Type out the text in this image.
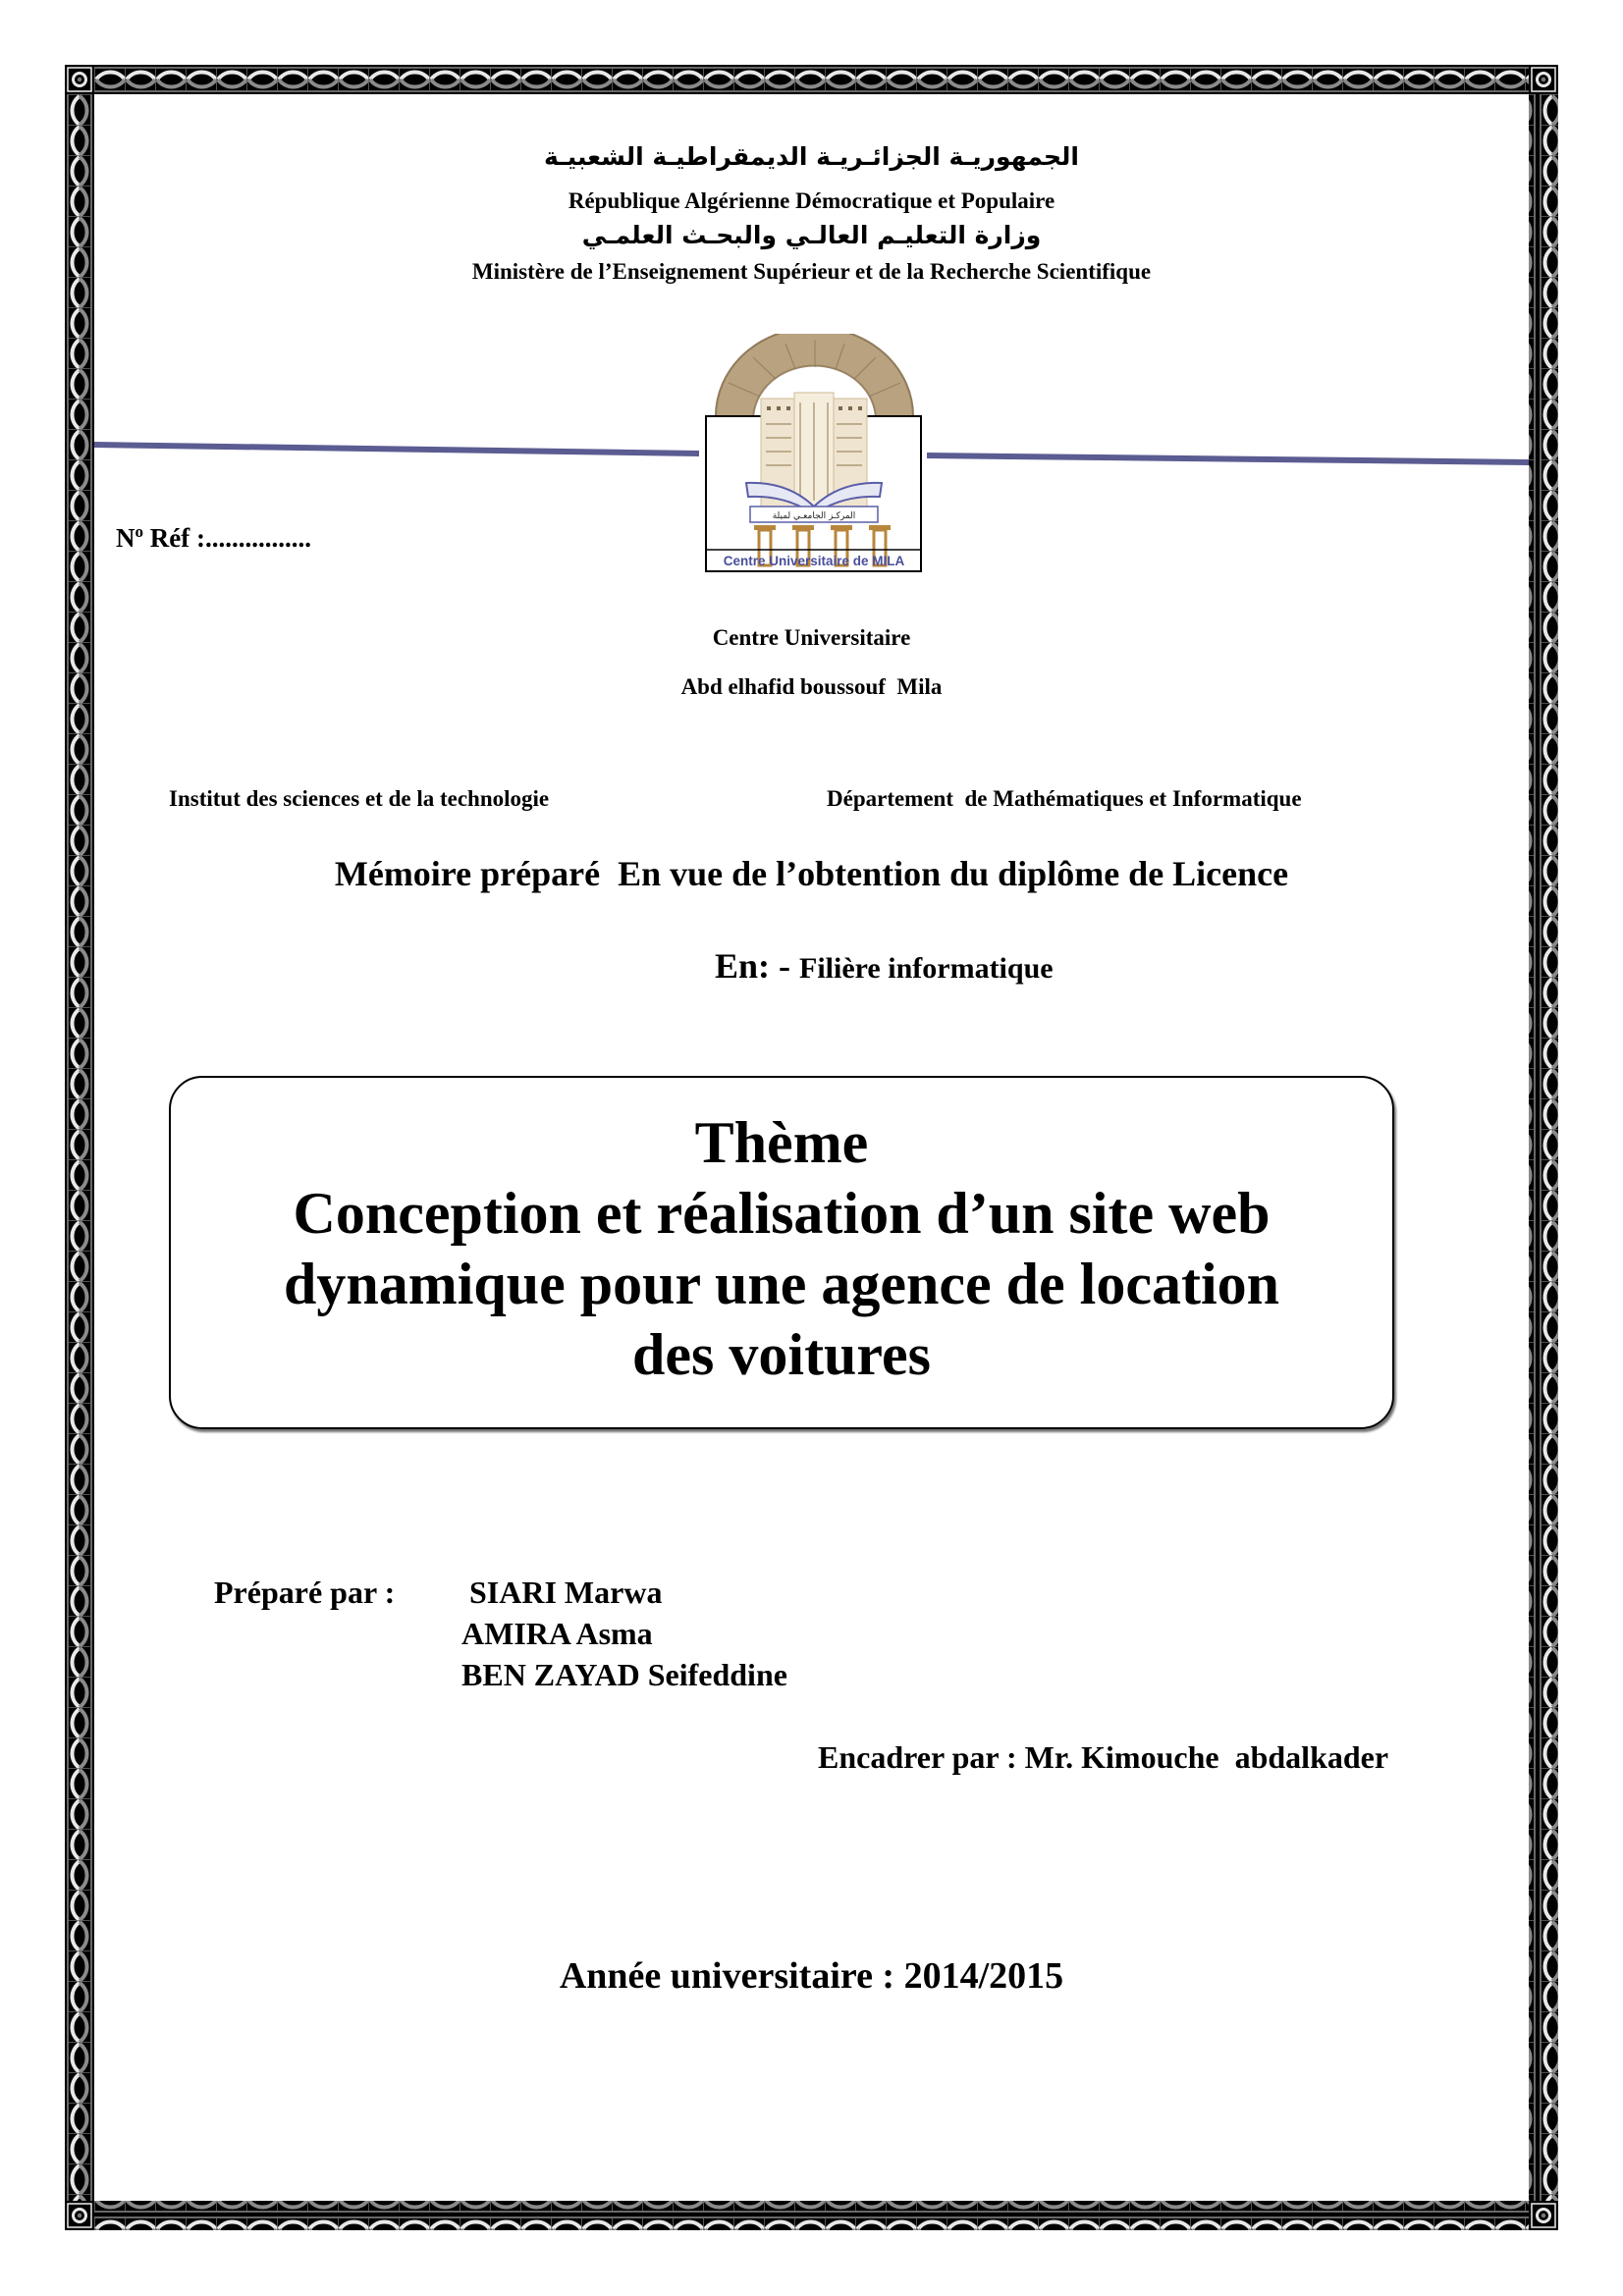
الجمهوريـة الجزائـريـة الديمقراطيـة الشعبيـة
République Algérienne Démocratique et Populaire
وزارة التعليـم العالـي والبحـث العلمـي
Ministère de l’Enseignement Supérieur et de la Recherche Scientifique
المركـز الجامعـي لميلة
Centre Universitaire de MILA
$N^o$ Réf :................
Centre Universitaire
Abd elhafid boussouf  Mila
Institut des sciences et de la technologie	Département  de Mathématiques et Informatique
Mémoire préparé  En vue de l’obtention du diplôme de Licence

En: - Filière informatique

Thème
Conception et réalisation d’un site web
dynamique pour une agence de location
des voitures
Préparé par : SIARI Marwa
AMIRA Asma
BEN ZAYAD Seifeddine
Encadrer par : Mr. Kimouche  abdalkader
Année universitaire : 2014/2015
